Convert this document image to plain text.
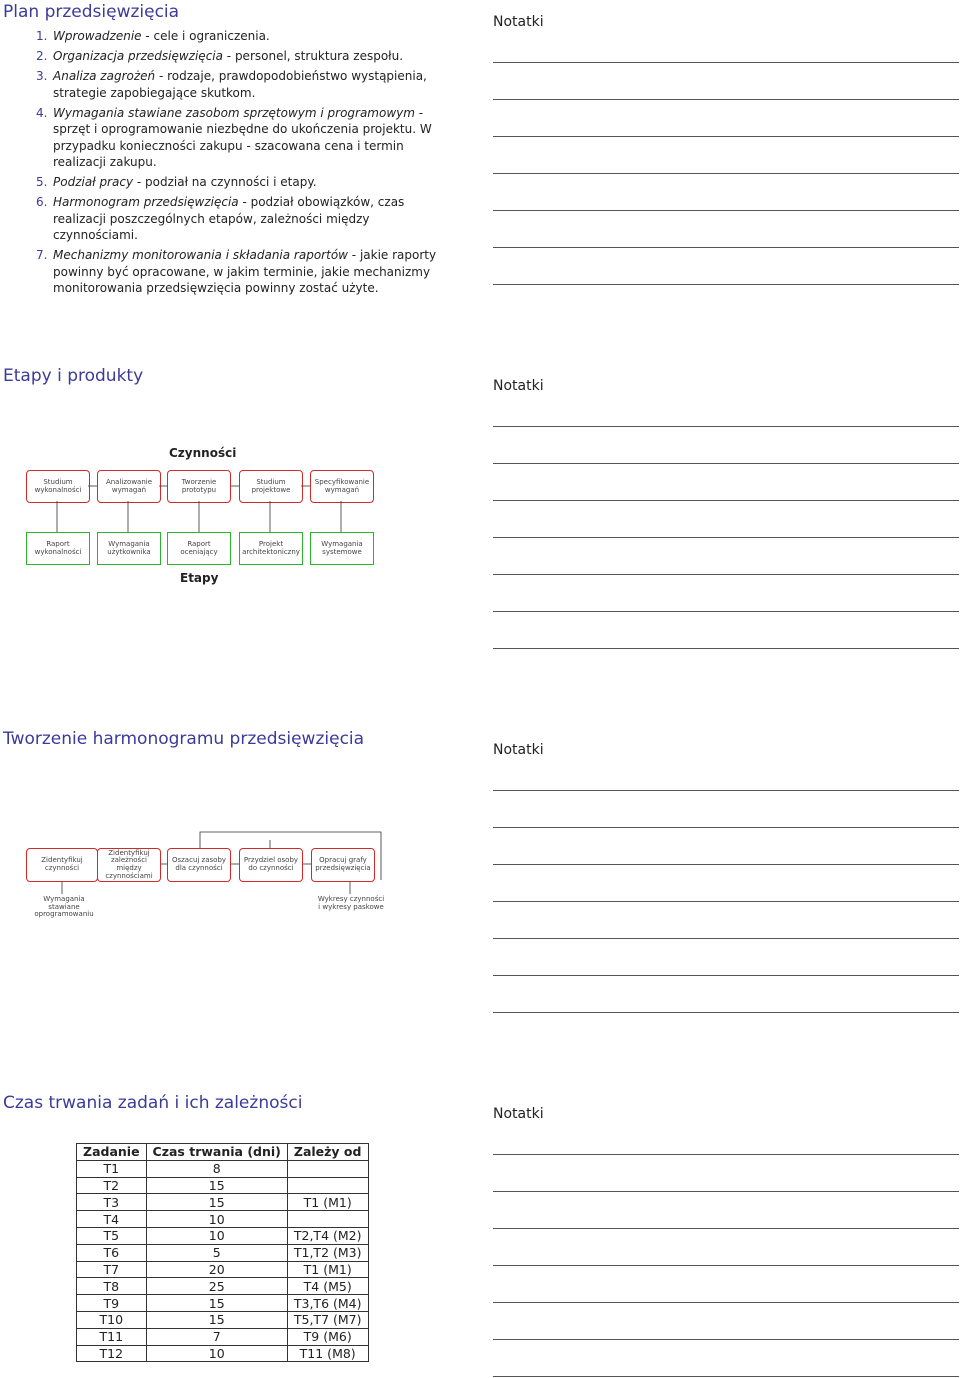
Plan przedsięwzięcia
1. Wprowadzenie - cele i ograniczenia.
2. Organizacja przedsięwzięcia - personel, struktura zespołu.
3. Analiza zagrożeń - rodzaje, prawdopodobieństwo wystąpienia, strategie zapobiegające skutkom.
4. Wymagania stawiane zasobom sprzętowym i programowym - sprzęt i oprogramowanie niezbędne do ukończenia projektu. W przypadku konieczności zakupu - szacowana cena i termin realizacji zakupu.
5. Podział pracy - podział na czynności i etapy.
6. Harmonogram przedsięwzięcia - podział obowiązków, czas realizacji poszczególnych etapów, zależności między czynnościami.
7. Mechanizmy monitorowania i składania raportów - jakie raporty powinny być opracowane, w jakim terminie, jakie mechanizmy monitorowania przedsięwzięcia powinny zostać użyte.
Notatki
Etapy i produkty	Notatki
Czynności
Studium
wykonalności
Analizowanie
wymagań
Tworzenie
prototypu
Studium
projektowe
Specyfikowanie
wymagań
Raport
wykonalności
Wymagania
użytkownika
Raport
oceniający
Projekt
architektoniczny
Wymagania
systemowe
Etapy
Tworzenie harmonogramu przedsięwzięcia
Notatki
Zidentyfikuj
czynności
Zidentyfikuj
zależności
między
czynnościami
Oszacuj zasoby
dla czynności
Przydziel osoby
do czynności
Opracuj grafy
przedsięwzięcia
Wymagania stawiane
oprogramowaniu
Wykresy czynności
i wykresy paskowe
Czas trwania zadań i ich zależności
Notatki
Zadanie	Czas trwania (dni)	Zależy od
T1	8	
T2	15	
T3	15	T1 (M1)
T4	10	
T5	10	T2,T4 (M2)
T6	5	T1,T2 (M3)
T7	20	T1 (M1)
T8	25	T4 (M5)
T9	15	T3,T6 (M4)
T10	15	T5,T7 (M7)
T11	7	T9 (M6)
T12	10	T11 (M8)
